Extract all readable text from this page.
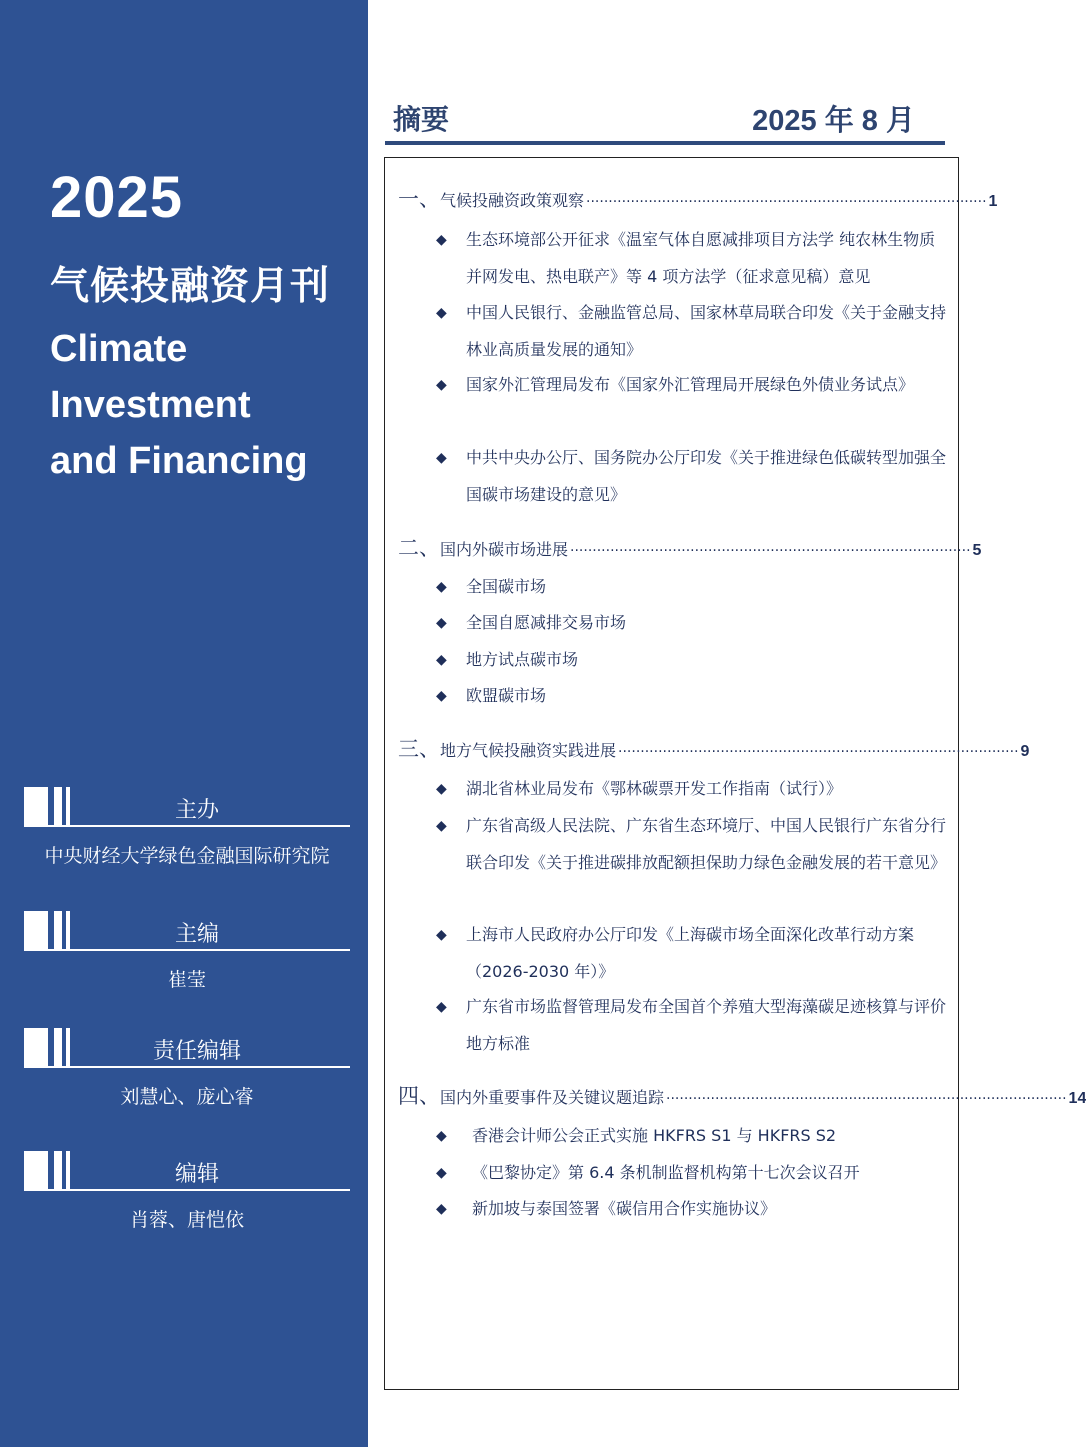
2025
气候投融资月刊
Climate
Investment
and Financing
主办
中央财经大学绿色金融国际研究院
主编
崔莹
责任编辑
刘慧心、庞心睿
编辑
肖蓉、唐恺依
摘要	2025 年 8 月
一、 气候投融资政策观察 ·························································································· 1
◆	生态环境部公开征求《温室气体自愿减排项目方法学 纯农林生物质并网发电、热电联产》等 4 项方法学（征求意见稿）意见
◆	中国人民银行、金融监管总局、国家林草局联合印发《关于金融支持林业高质量发展的通知》
◆	国家外汇管理局发布《国家外汇管理局开展绿色外债业务试点》
◆	中共中央办公厅、国务院办公厅印发《关于推进绿色低碳转型加强全国碳市场建设的意见》
二、 国内外碳市场进展 ·························································································· 5
◆	全国碳市场
◆	全国自愿减排交易市场
◆	地方试点碳市场
◆	欧盟碳市场
三、 地方气候投融资实践进展 ·························································································· 9
◆	湖北省林业局发布《鄂林碳票开发工作指南（试行）》
◆	广东省高级人民法院、广东省生态环境厅、中国人民银行广东省分行联合印发《关于推进碳排放配额担保助力绿色金融发展的若干意见》
◆	上海市人民政府办公厅印发《上海碳市场全面深化改革行动方案（2026-2030 年）》
◆	广东省市场监督管理局发布全国首个养殖大型海藻碳足迹核算与评价地方标准
四、 国内外重要事件及关键议题追踪 ·························································································· 14
◆	香港会计师公会正式实施 HKFRS S1 与 HKFRS S2
◆	《巴黎协定》第 6.4 条机制监督机构第十七次会议召开
◆	新加坡与泰国签署《碳信用合作实施协议》
